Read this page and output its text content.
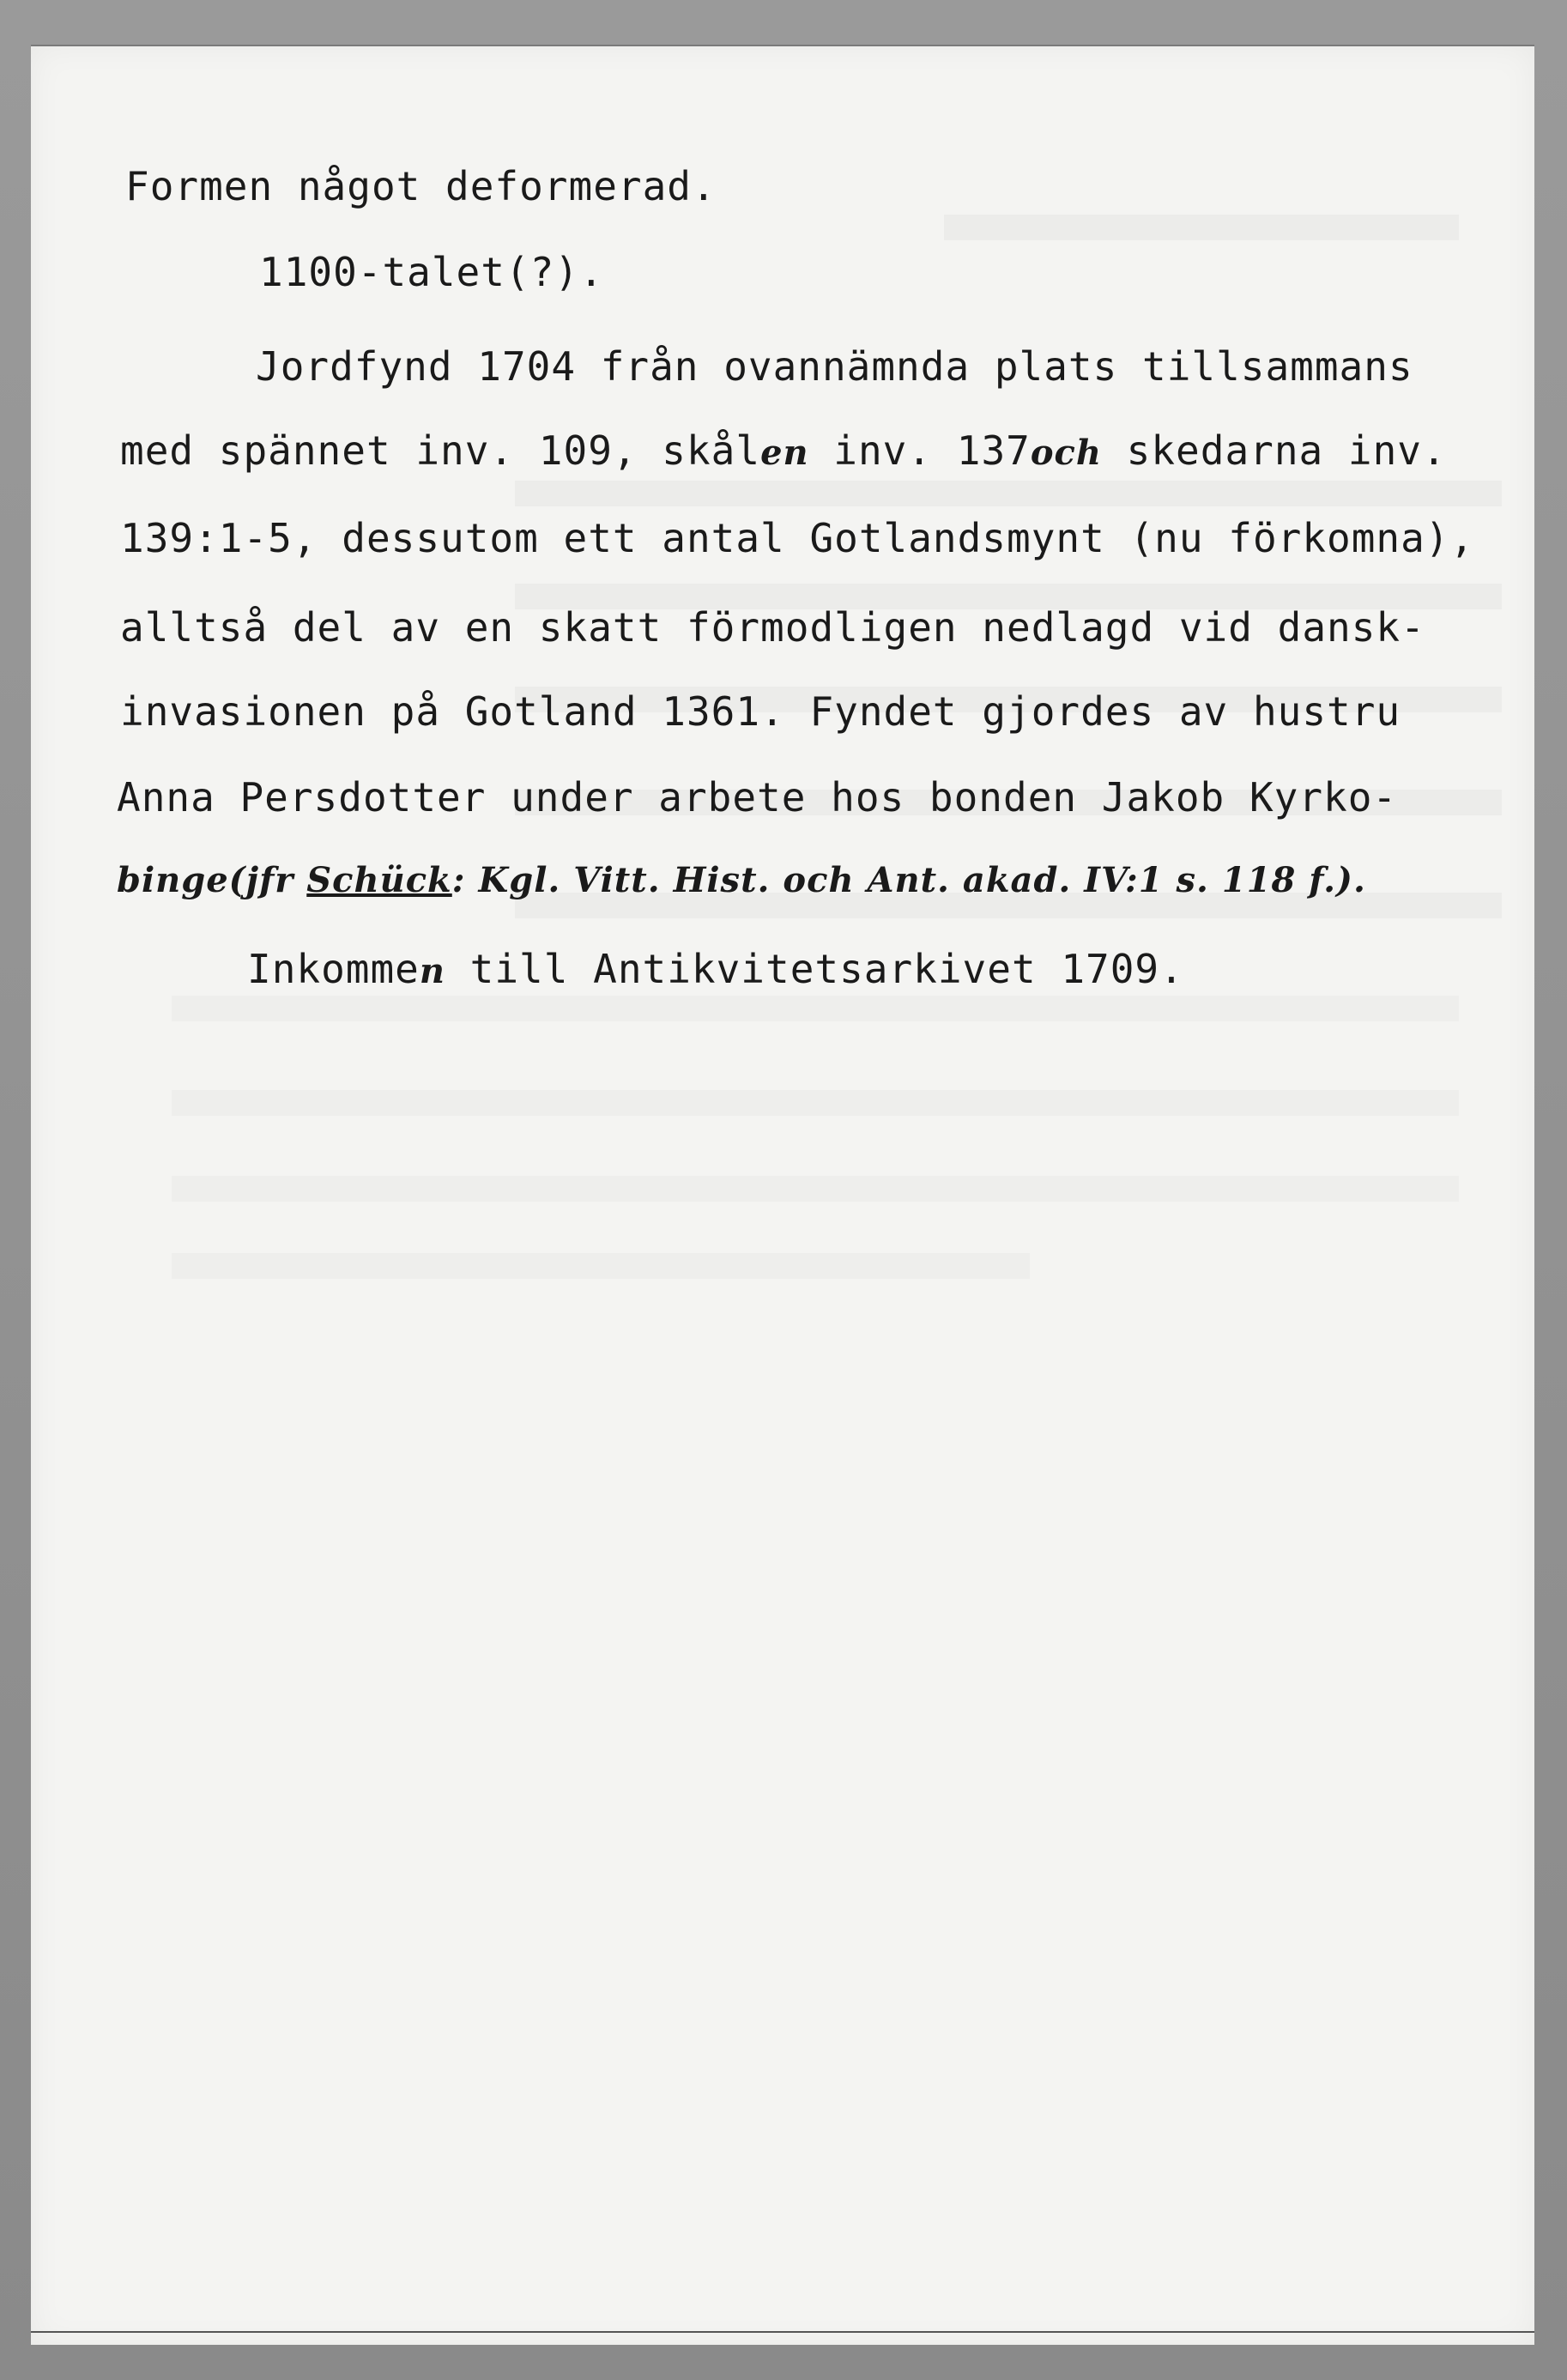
Formen något deformerad.
1100-talet(?).
Jordfynd 1704 från ovannämnda plats tillsammans
med spännet inv. 109, skålen inv. 137och skedarna inv.
139:1-5, dessutom ett antal Gotlandsmynt (nu förkomna),
alltså del av en skatt förmodligen nedlagd vid dansk-
invasionen på Gotland 1361. Fyndet gjordes av hustru
Anna Persdotter under arbete hos bonden Jakob Kyrko-
binge(jfr Schück: Kgl. Vitt. Hist. och Ant. akad. IV:1 s. 118 f.).
Inkommen till Antikvitetsarkivet 1709.
